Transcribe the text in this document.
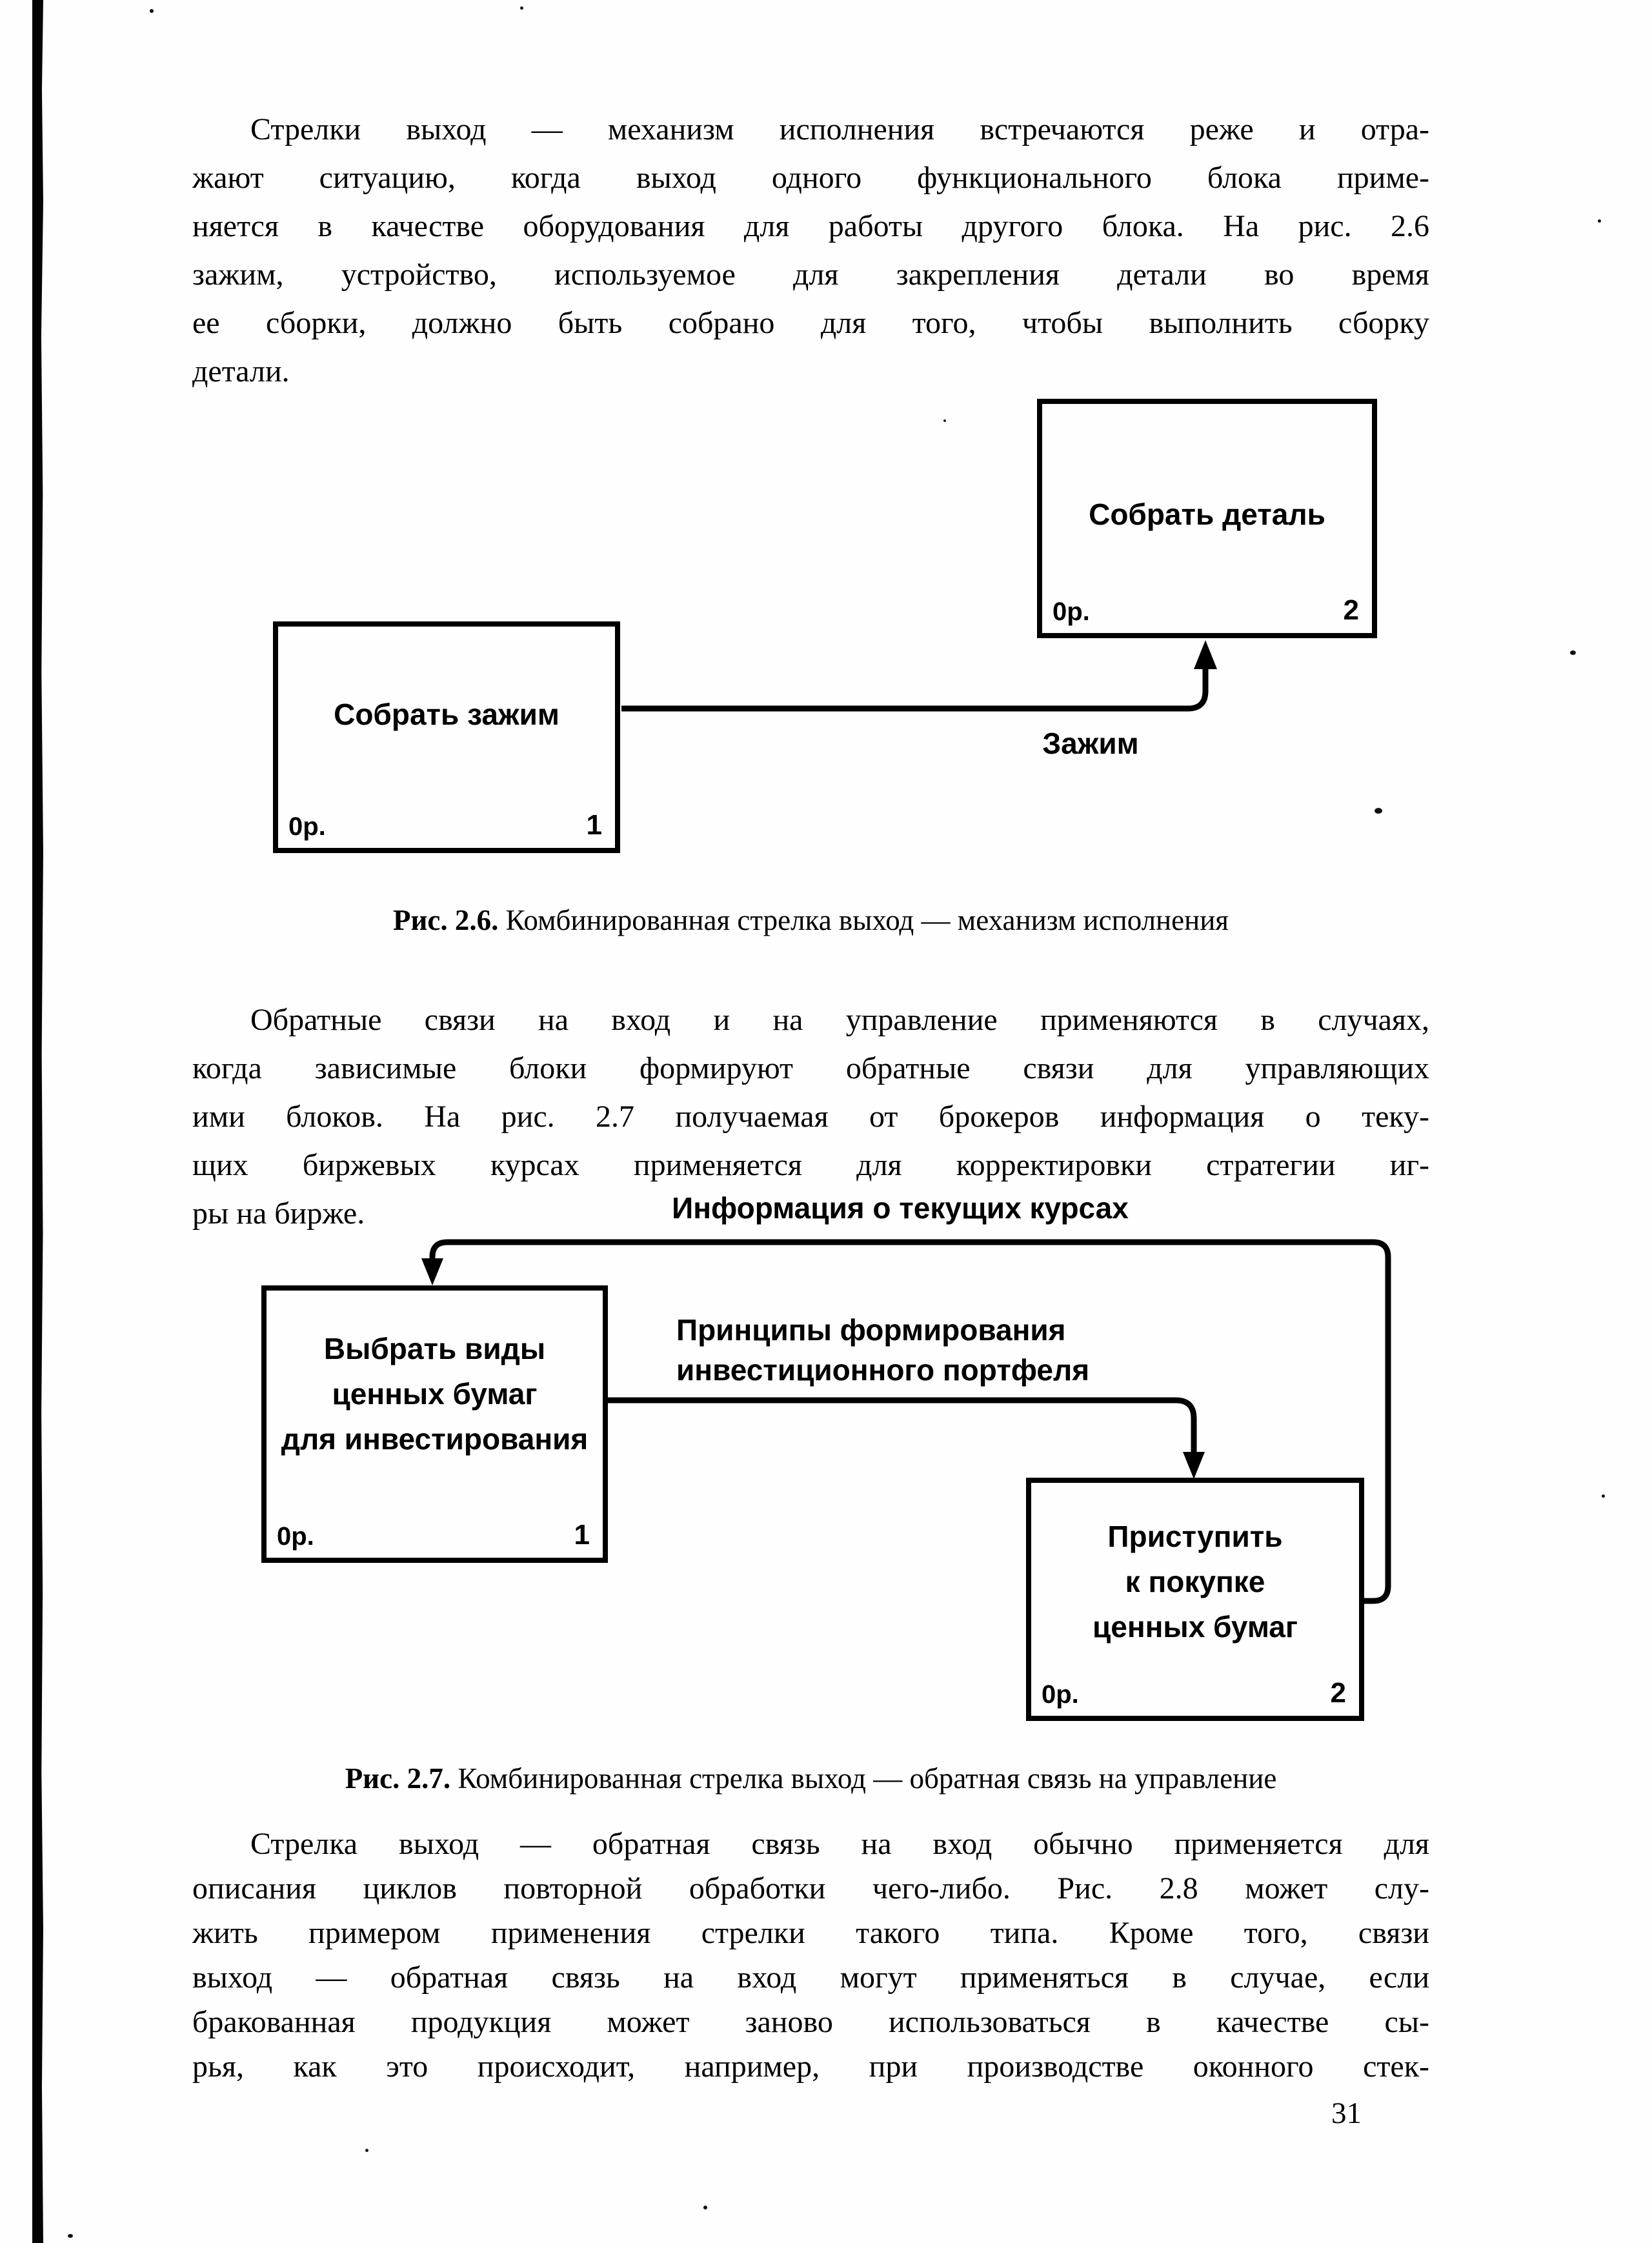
Стрелки выход — механизм исполнения встречаются реже и отра-
жают ситуацию, когда выход одного функционального блока приме-
няется в качестве оборудования для работы другого блока. На рис. 2.6
зажим, устройство, используемое для закрепления детали во время
ее сборки, должно быть собрано для того, чтобы выполнить сборку
детали.
Собрать деталь
0р.	2
Собрать зажим
0р.	1
Зажим
Рис. 2.6. Комбинированная стрелка выход — механизм исполнения
Обратные связи на вход и на управление применяются в случаях,
когда зависимые блоки формируют обратные связи для управляющих
ими блоков. На рис. 2.7 получаемая от брокеров информация о теку-
щих биржевых курсах применяется для корректировки стратегии иг-
ры на бирже.	Информация о текущих курсах
Выбрать виды
ценных бумаг
для инвестирования
0р.	1
Принципы формирования
инвестиционного портфеля
Приступить
к покупке
ценных бумаг
0р.	2
Рис. 2.7. Комбинированная стрелка выход — обратная связь на управление
Стрелка выход — обратная связь на вход обычно применяется для
описания циклов повторной обработки чего-либо. Рис. 2.8 может слу-
жить примером применения стрелки такого типа. Кроме того, связи
выход — обратная связь на вход могут применяться в случае, если
бракованная продукция может заново использоваться в качестве сы-
рья, как это происходит, например, при производстве оконного стек-
31
